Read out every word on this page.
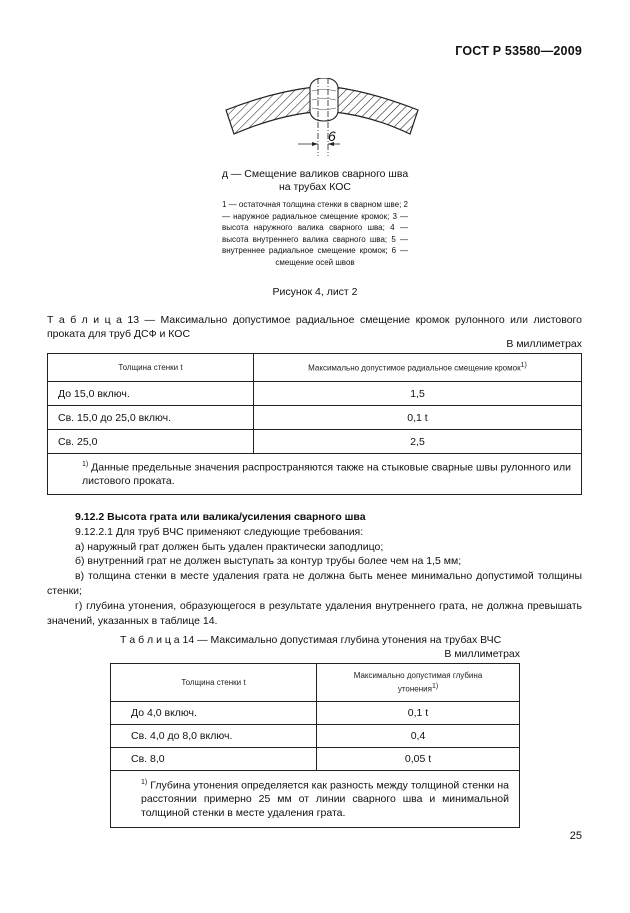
ГОСТ Р 53580—2009
6
д — Смещение валиков сварного шва
на трубах КОС
1 — остаточная толщина стенки в сварном шве; 2 — наружное радиальное смещение кромок; 3 — высота наружного валика сварного шва; 4 — высота внутреннего валика сварного шва; 5 — внутреннее радиальное смещение кромок; 6 — смещение осей швов
Рисунок 4, лист 2
Т а б л и ц а 13 — Максимально допустимое радиальное смещение кромок рулонного или листового проката для труб ДСФ и КОС
В миллиметрах
Толщина стенки t	Максимально допустимое радиальное смещение кромок$^{1)}$
До 15,0 включ.	1,5
Св. 15,0 до 25,0 включ.	0,1 t
Св. 25,0	2,5
$^{1)}$ Данные предельные значения распространяются также на стыковые сварные швы рулонного или листового проката.	

9.12.2 Высота грата или валика/усиления сварного шва

9.12.2.1 Для труб ВЧС применяют следующие требования:

а) наружный грат должен быть удален практически заподлицо;

б) внутренний грат не должен выступать за контур трубы более чем на 1,5 мм;

в) толщина стенки в месте удаления грата не должна быть менее минимально допустимой толщины стенки;

г) глубина утонения, образующегося в результате удаления внутреннего грата, не должна превышать значений, указанных в таблице 14.

Т а б л и ц а 14 — Максимально допустимая глубина утонения на трубах ВЧС
В миллиметрах
Толщина стенки t	Максимально допустимая глубина утонения$^{1)}$
До 4,0 включ.	0,1 t
Св. 4,0 до 8,0 включ.	0,4
Св. 8,0	0,05 t
$^{1)}$ Глубина утонения определяется как разность между толщиной стенки на расстоянии примерно 25 мм от линии сварного шва и минимальной толщиной стенки в месте удаления грата.	
25
